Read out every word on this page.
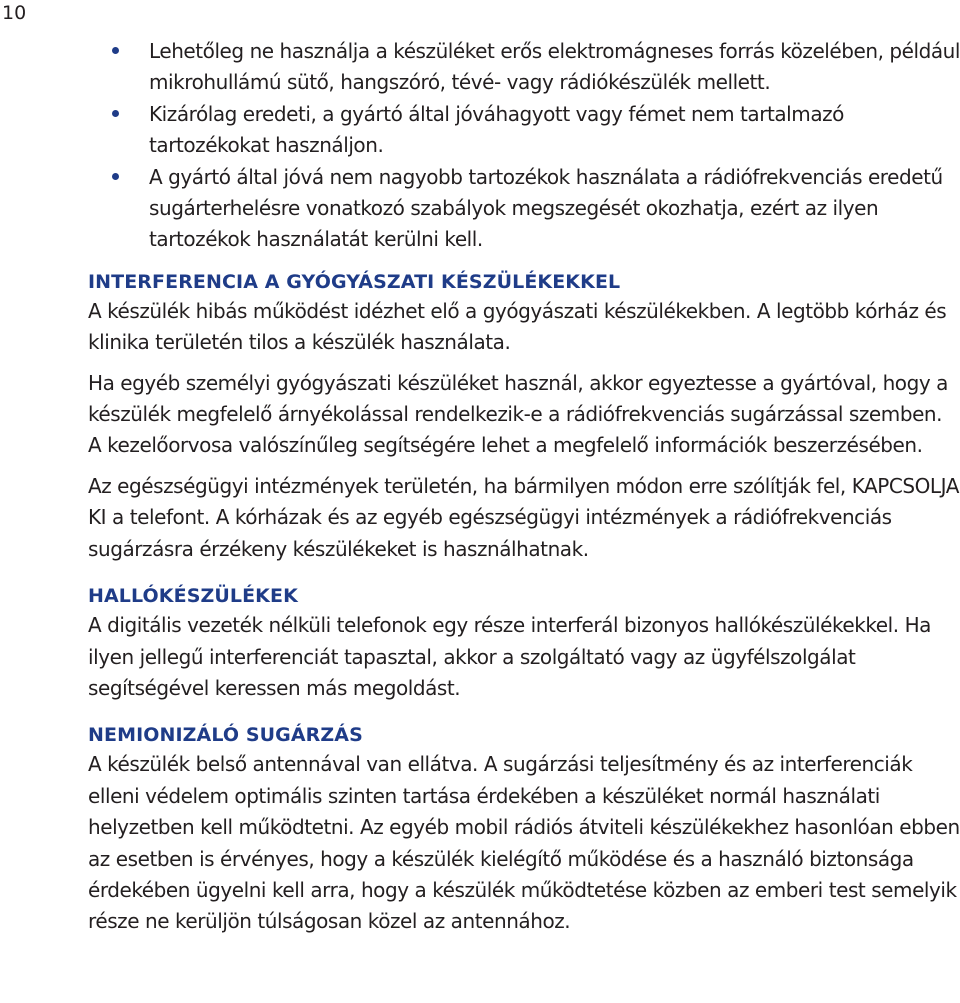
10
Lehetőleg ne használja a készüléket erős elektromágneses forrás közelében, például mikrohullámú sütő, hangszóró, tévé- vagy rádiókészülék mellett.
Kizárólag eredeti, a gyártó által jóváhagyott vagy fémet nem tartalmazó tartozékokat használjon.
A gyártó által jóvá nem nagyobb tartozékok használata a rádiófrekvenciás eredetű sugárterhelésre vonatkozó szabályok megszegését okozhatja, ezért az ilyen tartozékok használatát kerülni kell.
INTERFERENCIA A GYÓGYÁSZATI KÉSZÜLÉKEKKEL

A készülék hibás működést idézhet elő a gyógyászati készülékekben. A legtöbb kórház és klinika területén tilos a készülék használata.

Ha egyéb személyi gyógyászati készüléket használ, akkor egyeztesse a gyártóval, hogy a készülék megfelelő árnyékolással rendelkezik-e a rádiófrekvenciás sugárzással szemben. A kezelőorvosa valószínűleg segítségére lehet a megfelelő információk beszerzésében.

Az egészségügyi intézmények területén, ha bármilyen módon erre szólítják fel, KAPCSOLJA KI a telefont. A kórházak és az egyéb egészségügyi intézmények a rádiófrekvenciás sugárzásra érzékeny készülékeket is használhatnak.

HALLÓKÉSZÜLÉKEK

A digitális vezeték nélküli telefonok egy része interferál bizonyos hallókészülékekkel. Ha ilyen jellegű interferenciát tapasztal, akkor a szolgáltató vagy az ügyfélszolgálat segítségével keressen más megoldást.

NEMIONIZÁLÓ SUGÁRZÁS

A készülék belső antennával van ellátva. A sugárzási teljesítmény és az interferenciák elleni védelem optimális szinten tartása érdekében a készüléket normál használati helyzetben kell működtetni. Az egyéb mobil rádiós átviteli készülékekhez hasonlóan ebben az esetben is érvényes, hogy a készülék kielégítő működése és a használó biztonsága érdekében ügyelni kell arra, hogy a készülék működtetése közben az emberi test semelyik része ne kerüljön túlságosan közel az antennához.
